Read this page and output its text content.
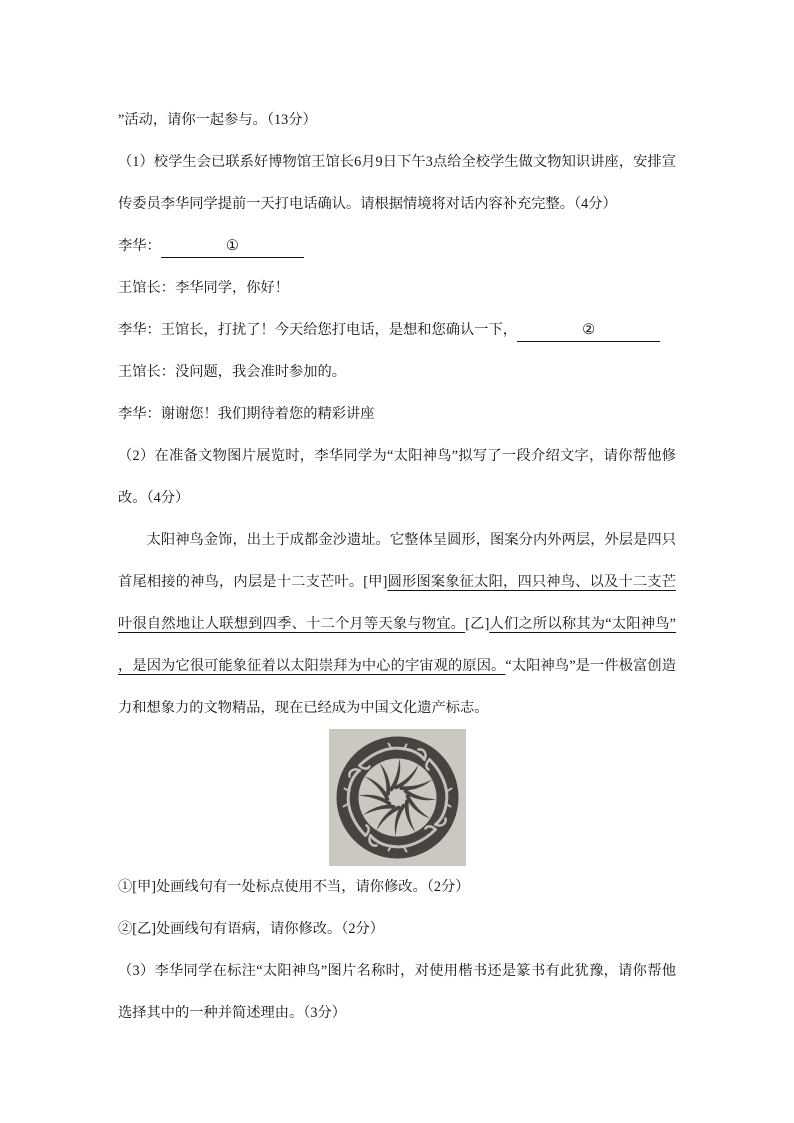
”活动，请你一起参与。（13分）

（1）校学生会已联系好博物馆王馆长6月9日下午3点给全校学生做文物知识讲座，安排宣传委员李华同学提前一天打电话确认。请根据情境将对话内容补充完整。（4分）

李华：	①

王馆长：李华同学，你好！

李华：王馆长，打扰了！今天给您打电话，是想和您确认一下，	②

王馆长：没问题，我会准时参加的。

李华：谢谢您！我们期待着您的精彩讲座

（2）在准备文物图片展览时，李华同学为“太阳神鸟”拟写了一段介绍文字，请你帮他修改。（4分）

　　太阳神鸟金饰，出土于成都金沙遗址。它整体呈圆形，图案分内外两层，外层是四只首尾相接的神鸟，内层是十二支芒叶。[甲]圆形图案象征太阳，四只神鸟、以及十二支芒叶很自然地让人联想到四季、十二个月等天象与物宜。[乙]人们之所以称其为“太阳神鸟”，是因为它很可能象征着以太阳崇拜为中心的宇宙观的原因。“太阳神鸟”是一件极富创造力和想象力的文物精品，现在已经成为中国文化遗产标志。

①[甲]处画线句有一处标点使用不当，请你修改。（2分）

②[乙]处画线句有语病，请你修改。（2分）

（3）李华同学在标注“太阳神鸟”图片名称时，对使用楷书还是篆书有此犹豫，请你帮他选择其中的一种并简述理由。（3分）
